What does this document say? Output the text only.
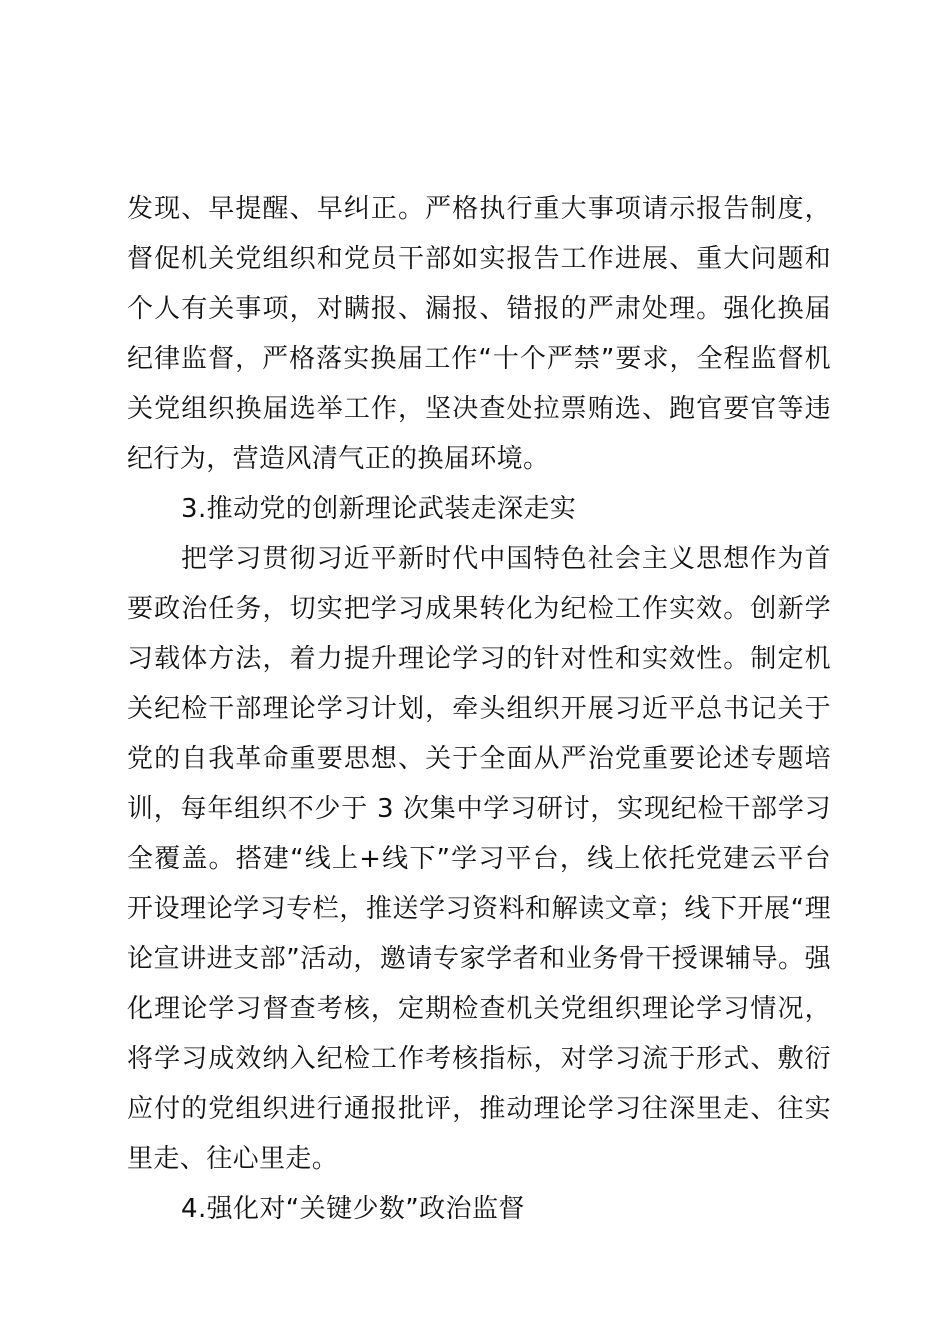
发现、早提醒、早纠正。严格执行重大事项请示报告制度，督促机关党组织和党员干部如实报告工作进展、重大问题和个人有关事项，对瞒报、漏报、错报的严肃处理。强化换届纪律监督，严格落实换届工作“十个严禁”要求，全程监督机关党组织换届选举工作，坚决查处拉票贿选、跑官要官等违纪行为，营造风清气正的换届环境。

3.推动党的创新理论武装走深走实

把学习贯彻习近平新时代中国特色社会主义思想作为首要政治任务，切实把学习成果转化为纪检工作实效。创新学习载体方法，着力提升理论学习的针对性和实效性。制定机关纪检干部理论学习计划，牵头组织开展习近平总书记关于党的自我革命重要思想、关于全面从严治党重要论述专题培训，每年组织不少于 3 次集中学习研讨，实现纪检干部学习全覆盖。搭建“线上+线下”学习平台，线上依托党建云平台开设理论学习专栏，推送学习资料和解读文章；线下开展“理论宣讲进支部”活动，邀请专家学者和业务骨干授课辅导。强化理论学习督查考核，定期检查机关党组织理论学习情况，将学习成效纳入纪检工作考核指标，对学习流于形式、敷衍应付的党组织进行通报批评，推动理论学习往深里走、往实里走、往心里走。

4.强化对“关键少数”政治监督
